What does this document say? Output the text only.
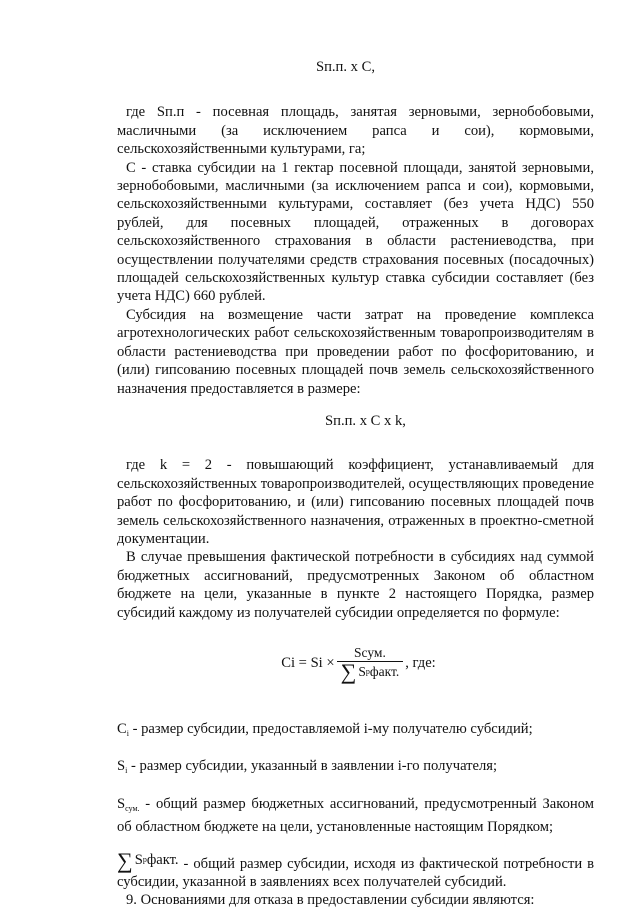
Sп.п. x C,

где Sп.п - посевная площадь, занятая зерновыми, зернобобовыми, масличными (за исключением рапса и сои), кормовыми, сельскохозяйственными культурами, га;

C - ставка субсидии на 1 гектар посевной площади, занятой зерновыми, зернобобовыми, масличными (за исключением рапса и сои), кормовыми, сельскохозяйственными культурами, составляет (без учета НДС) 550 рублей, для посевных площадей, отраженных в договорах сельскохозяйственного страхования в области растениеводства, при осуществлении получателями средств страхования посевных (посадочных) площадей сельскохозяйственных культур ставка субсидии составляет (без учета НДС) 660 рублей.

Субсидия на возмещение части затрат на проведение комплекса агротехнологических работ сельскохозяйственным товаропроизводителям в области растениеводства при проведении работ по фосфоритованию, и (или) гипсованию посевных площадей почв земель сельскохозяйственного назначения предоставляется в размере:

Sп.п. x C x k,

где k = 2 - повышающий коэффициент, устанавливаемый для сельскохозяйственных товаропроизводителей, осуществляющих проведение работ по фосфоритованию, и (или) гипсованию посевных площадей почв земель сельскохозяйственного назначения, отраженных в проектно-сметной документации.

В случае превышения фактической потребности в субсидиях над суммой бюджетных ассигнований, предусмотренных Законом об областном бюджете на цели, указанные в пункте 2 настоящего Порядка, размер субсидий каждому из получателей субсидии определяется по формуле:

$Ci = Si \times \frac{\text{Sсум.}}{\text{∑ S p факт.}}$ , где:

$C_i$ - размер субсидии, предоставляемой i-му получателю субсидий;

$S_i$ - размер субсидии, указанный в заявлении i-го получателя;

$S_{сум.}$ - общий размер бюджетных ассигнований, предусмотренный Законом об областном бюджете на цели, установленные настоящим Порядком;

∑ S p факт. - общий размер субсидии, исходя из фактической потребности в субсидии, указанной в заявлениях всех получателей субсидий.

9. Основаниями для отказа в предоставлении субсидии являются:
